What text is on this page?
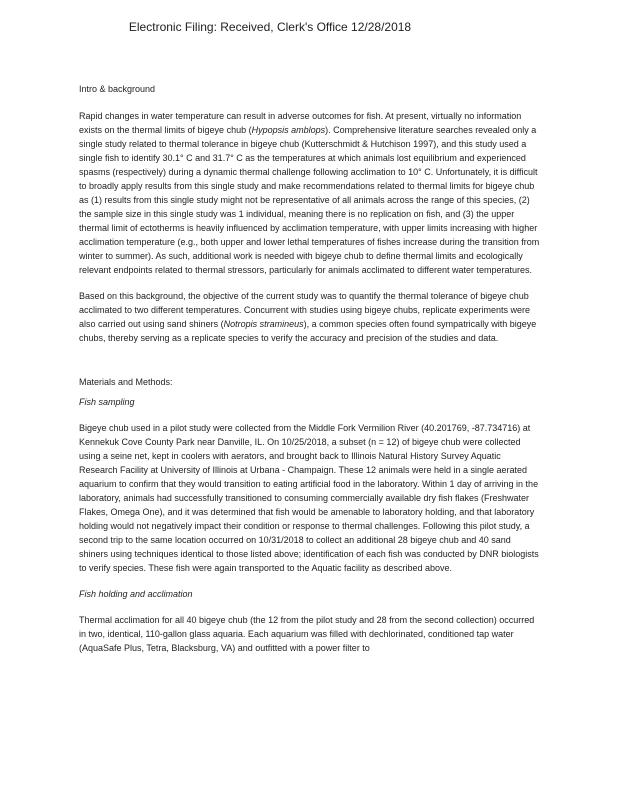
Electronic Filing: Received, Clerk's Office 12/28/2018
Intro & background

Rapid changes in water temperature can result in adverse outcomes for fish. At present, virtually no information exists on the thermal limits of bigeye chub (Hypopsis amblops). Comprehensive literature searches revealed only a single study related to thermal tolerance in bigeye chub (Kutterschmidt & Hutchison 1997), and this study used a single fish to identify 30.1° C and 31.7° C as the temperatures at which animals lost equilibrium and experienced spasms (respectively) during a dynamic thermal challenge following acclimation to 10° C. Unfortunately, it is difficult to broadly apply results from this single study and make recommendations related to thermal limits for bigeye chub as (1) results from this single study might not be representative of all animals across the range of this species, (2) the sample size in this single study was 1 individual, meaning there is no replication on fish, and (3) the upper thermal limit of ectotherms is heavily influenced by acclimation temperature, with upper limits increasing with higher acclimation temperature (e.g., both upper and lower lethal temperatures of fishes increase during the transition from winter to summer). As such, additional work is needed with bigeye chub to define thermal limits and ecologically relevant endpoints related to thermal stressors, particularly for animals acclimated to different water temperatures.

Based on this background, the objective of the current study was to quantify the thermal tolerance of bigeye chub acclimated to two different temperatures. Concurrent with studies using bigeye chubs, replicate experiments were also carried out using sand shiners (Notropis stramineus), a common species often found sympatrically with bigeye chubs, thereby serving as a replicate species to verify the accuracy and precision of the studies and data.

Materials and Methods:
Fish sampling

Bigeye chub used in a pilot study were collected from the Middle Fork Vermilion River (40.201769, -87.734716) at Kennekuk Cove County Park near Danville, IL. On 10/25/2018, a subset (n = 12) of bigeye chub were collected using a seine net, kept in coolers with aerators, and brought back to Illinois Natural History Survey Aquatic Research Facility at University of Illinois at Urbana - Champaign. These 12 animals were held in a single aerated aquarium to confirm that they would transition to eating artificial food in the laboratory. Within 1 day of arriving in the laboratory, animals had successfully transitioned to consuming commercially available dry fish flakes (Freshwater Flakes, Omega One), and it was determined that fish would be amenable to laboratory holding, and that laboratory holding would not negatively impact their condition or response to thermal challenges. Following this pilot study, a second trip to the same location occurred on 10/31/2018 to collect an additional 28 bigeye chub and 40 sand shiners using techniques identical to those listed above; identification of each fish was conducted by DNR biologists to verify species. These fish were again transported to the Aquatic facility as described above.

Fish holding and acclimation

Thermal acclimation for all 40 bigeye chub (the 12 from the pilot study and 28 from the second collection) occurred in two, identical, 110-gallon glass aquaria. Each aquarium was filled with dechlorinated, conditioned tap water (AquaSafe Plus, Tetra, Blacksburg, VA) and outfitted with a power filter to
